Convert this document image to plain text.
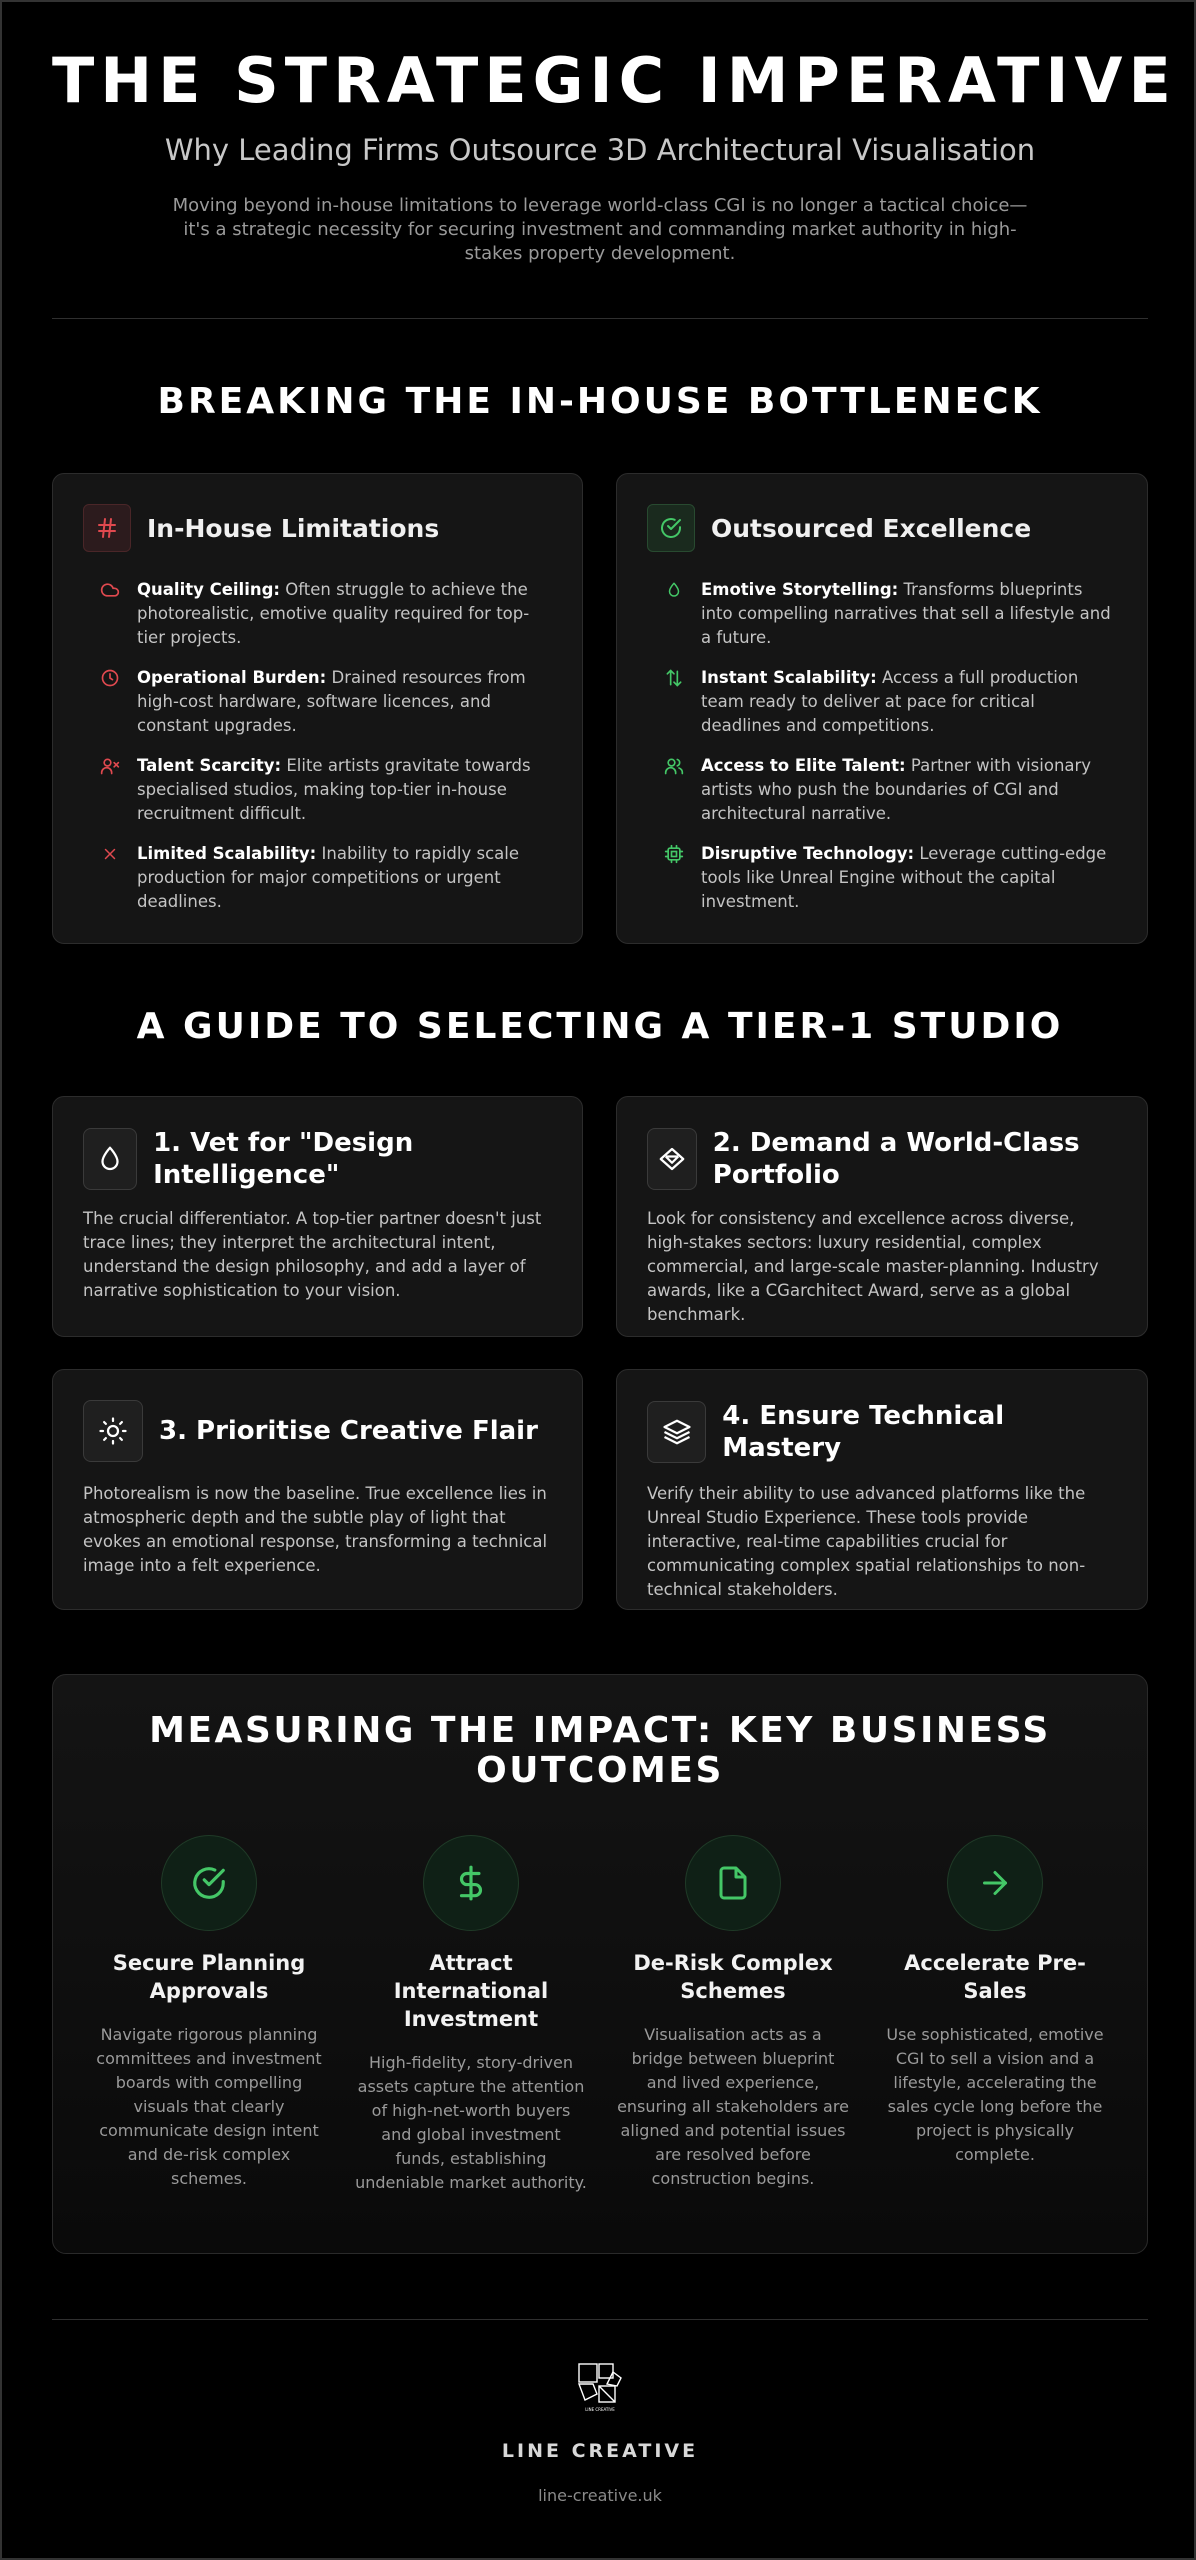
THE STRATEGIC IMPERATIVE
Why Leading Firms Outsource 3D Architectural Visualisation

Moving beyond in-house limitations to leverage world-class CGI is no longer a tactical choice—it's a strategic necessity for securing investment and commanding market authority in high-stakes property development.

BREAKING THE IN-HOUSE BOTTLENECK
In-House Limitations
Quality Ceiling: Often struggle to achieve the photorealistic, emotive quality required for top-tier projects.
Operational Burden: Drained resources from high-cost hardware, software licences, and constant upgrades.
Talent Scarcity: Elite artists gravitate towards specialised studios, making top-tier in-house recruitment difficult.
Limited Scalability: Inability to rapidly scale production for major competitions or urgent deadlines.
Outsourced Excellence
Emotive Storytelling: Transforms blueprints into compelling narratives that sell a lifestyle and a future.
Instant Scalability: Access a full production team ready to deliver at pace for critical deadlines and competitions.
Access to Elite Talent: Partner with visionary artists who push the boundaries of CGI and architectural narrative.
Disruptive Technology: Leverage cutting-edge tools like Unreal Engine without the capital investment.
A GUIDE TO SELECTING A TIER-1 STUDIO
1. Vet for "Design Intelligence"
The crucial differentiator. A top-tier partner doesn't just trace lines; they interpret the architectural intent, understand the design philosophy, and add a layer of narrative sophistication to your vision.
2. Demand a World-Class Portfolio
Look for consistency and excellence across diverse, high-stakes sectors: luxury residential, complex commercial, and large-scale master-planning. Industry awards, like a CGarchitect Award, serve as a global benchmark.
3. Prioritise Creative Flair
Photorealism is now the baseline. True excellence lies in atmospheric depth and the subtle play of light that evokes an emotional response, transforming a technical image into a felt experience.
4. Ensure Technical Mastery
Verify their ability to use advanced platforms like the Unreal Studio Experience. These tools provide interactive, real-time capabilities crucial for communicating complex spatial relationships to non-technical stakeholders.
MEASURING THE IMPACT: KEY BUSINESS OUTCOMES
Secure Planning Approvals

Navigate rigorous planning committees and investment boards with compelling visuals that clearly communicate design intent and de-risk complex schemes.

Attract International Investment

High-fidelity, story-driven assets capture the attention of high-net-worth buyers and global investment funds, establishing undeniable market authority.

De-Risk Complex Schemes

Visualisation acts as a bridge between blueprint and lived experience, ensuring all stakeholders are aligned and potential issues are resolved before construction begins.

Accelerate Pre-Sales

Use sophisticated, emotive CGI to sell a vision and a lifestyle, accelerating the sales cycle long before the project is physically complete.

LINE CREATIVE
LINE CREATIVE
line-creative.uk
